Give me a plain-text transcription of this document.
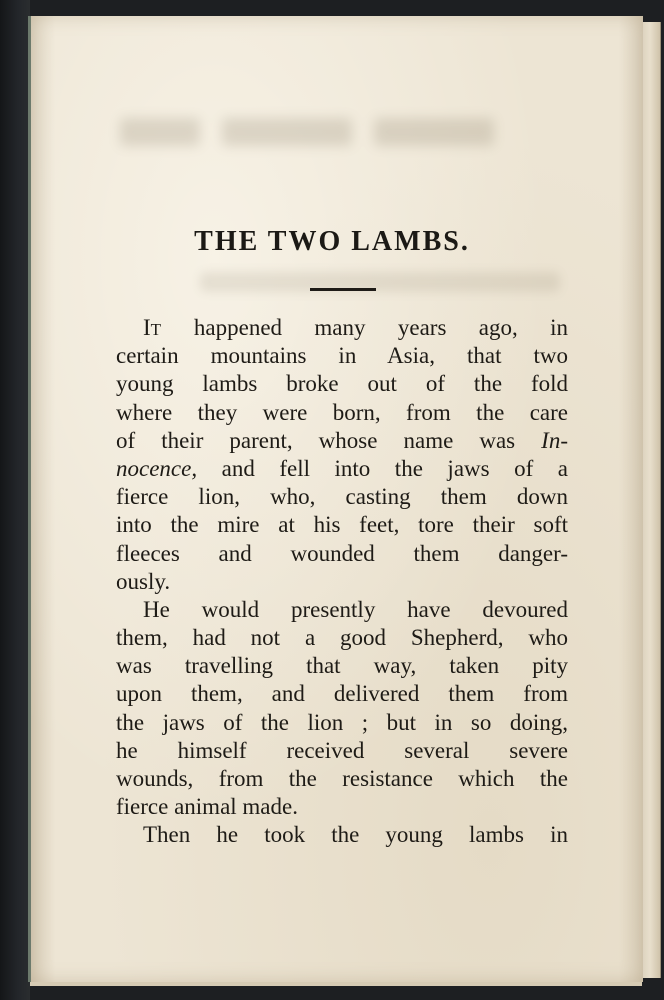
THE TWO LAMBS.
IT happened many years ago, in
certain mountains in Asia, that two
young lambs broke out of the fold
where they were born, from the care
of their parent, whose name was In-
nocence, and fell into the jaws of a
fierce lion, who, casting them down
into the mire at his feet, tore their soft
fleeces and wounded them danger-
ously.
He would presently have devoured
them, had not a good Shepherd, who
was travelling that way, taken pity
upon them, and delivered them from
the jaws of the lion ; but in so doing,
he himself received several severe
wounds, from the resistance which the
fierce animal made.
Then he took the young lambs in
